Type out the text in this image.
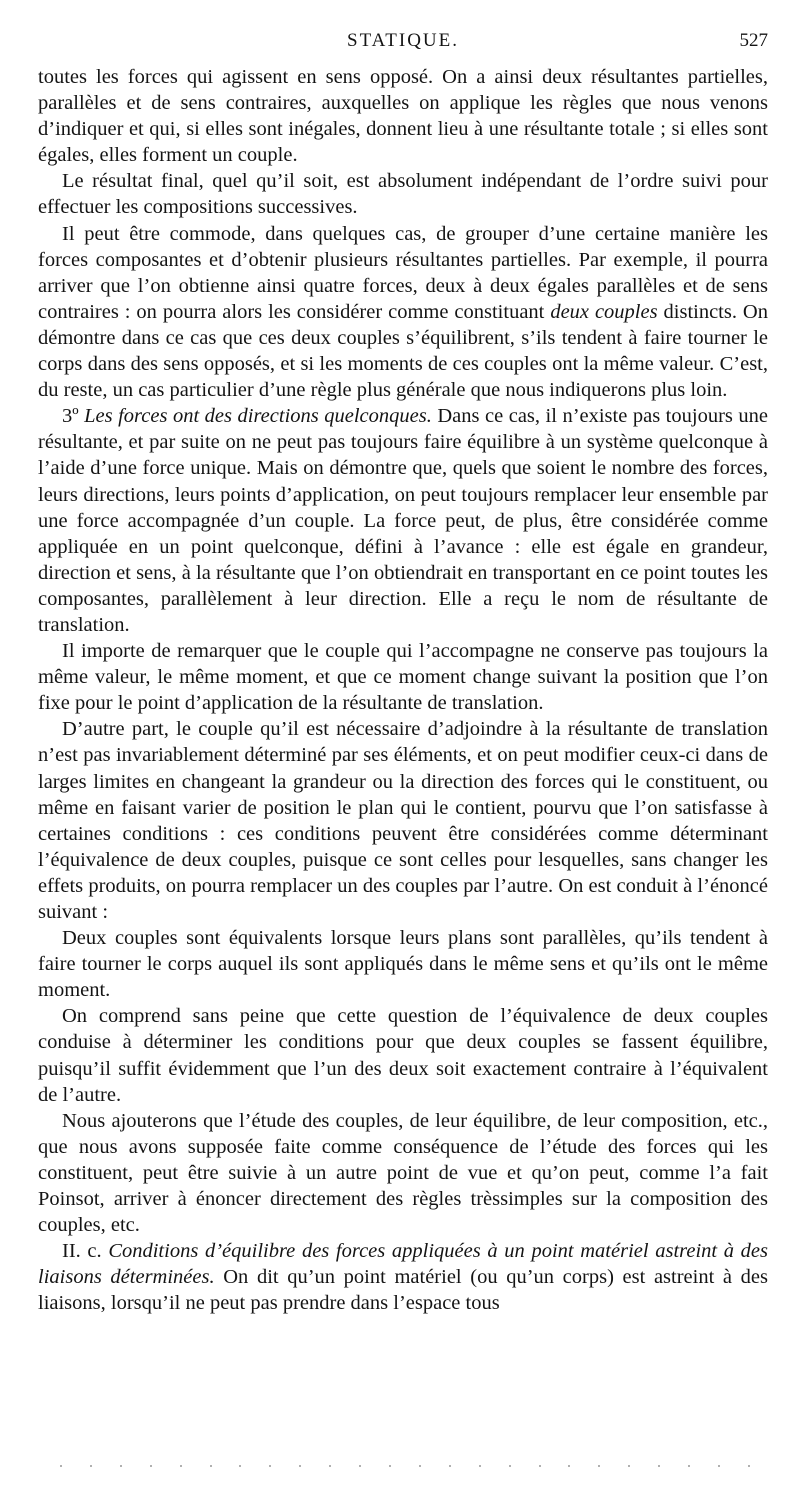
STATIQUE.	527

toutes les forces qui agissent en sens opposé. On a ainsi deux résultantes partielles, parallèles et de sens contraires, auxquelles on applique les règles que nous venons d’indiquer et qui, si elles sont inégales, donnent lieu à une résultante totale ; si elles sont égales, elles forment un couple.

Le résultat final, quel qu’il soit, est absolument indépendant de l’ordre suivi pour effectuer les compositions successives.

Il peut être commode, dans quelques cas, de grouper d’une certaine manière les forces composantes et d’obtenir plusieurs résultantes partielles. Par exemple, il pourra arriver que l’on obtienne ainsi quatre forces, deux à deux égales parallèles et de sens contraires : on pourra alors les considérer comme constituant deux couples distincts. On démontre dans ce cas que ces deux couples s’équilibrent, s’ils tendent à faire tourner le corps dans des sens opposés, et si les moments de ces couples ont la même valeur. C’est, du reste, un cas particulier d’une règle plus générale que nous indiquerons plus loin.

3º Les forces ont des directions quelconques. Dans ce cas, il n’existe pas toujours une résultante, et par suite on ne peut pas toujours faire équilibre à un système quelconque à l’aide d’une force unique. Mais on démontre que, quels que soient le nombre des forces, leurs directions, leurs points d’application, on peut toujours remplacer leur ensemble par une force accompagnée d’un couple. La force peut, de plus, être considérée comme appliquée en un point quelconque, défini à l’avance : elle est égale en grandeur, direction et sens, à la résultante que l’on obtiendrait en transportant en ce point toutes les composantes, parallèlement à leur direction. Elle a reçu le nom de résultante de translation.

Il importe de remarquer que le couple qui l’accompagne ne conserve pas toujours la même valeur, le même moment, et que ce moment change suivant la position que l’on fixe pour le point d’application de la résultante de translation.

D’autre part, le couple qu’il est nécessaire d’adjoindre à la résultante de translation n’est pas invariablement déterminé par ses éléments, et on peut modifier ceux-ci dans de larges limites en changeant la grandeur ou la direction des forces qui le constituent, ou même en faisant varier de position le plan qui le contient, pourvu que l’on satisfasse à certaines conditions : ces conditions peuvent être considérées comme déterminant l’équivalence de deux couples, puisque ce sont celles pour lesquelles, sans changer les effets produits, on pourra remplacer un des couples par l’autre. On est conduit à l’énoncé suivant :

Deux couples sont équivalents lorsque leurs plans sont parallèles, qu’ils tendent à faire tourner le corps auquel ils sont appliqués dans le même sens et qu’ils ont le même moment.

On comprend sans peine que cette question de l’équivalence de deux couples conduise à déterminer les conditions pour que deux couples se fassent équilibre, puisqu’il suffit évidemment que l’un des deux soit exactement contraire à l’équivalent de l’autre.

Nous ajouterons que l’étude des couples, de leur équilibre, de leur composition, etc., que nous avons supposée faite comme conséquence de l’étude des forces qui les constituent, peut être suivie à un autre point de vue et qu’on peut, comme l’a fait Poinsot, arriver à énoncer directement des règles trèssimples sur la composition des couples, etc.

II. c. Conditions d’équilibre des forces appliquées à un point matériel astreint à des liaisons déterminées. On dit qu’un point matériel (ou qu’un corps) est astreint à des liaisons, lorsqu’il ne peut pas prendre dans l’espace tous
